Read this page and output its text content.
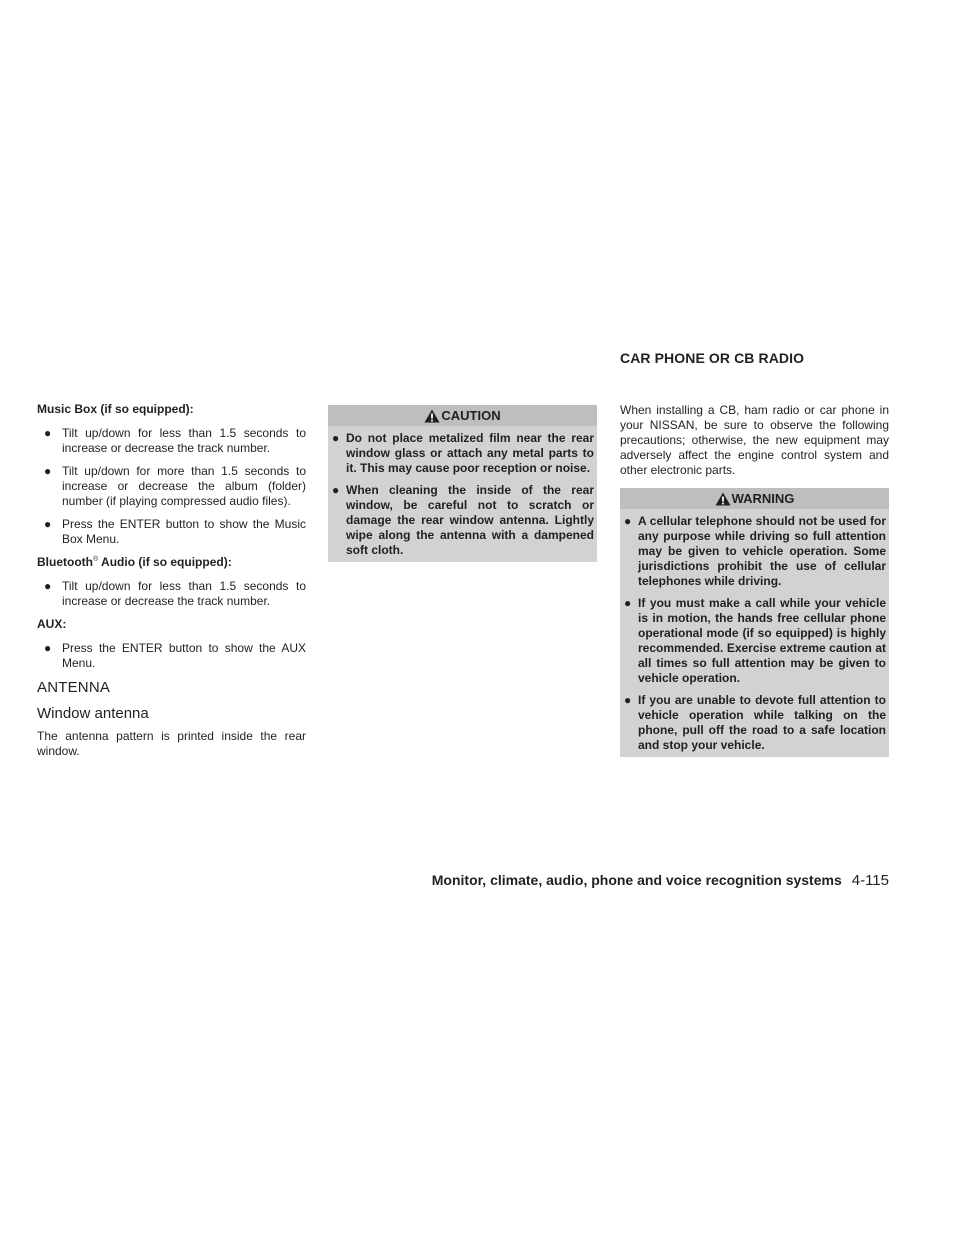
Music Box (if so equipped):
● Tilt up/down for less than 1.5 seconds to increase or decrease the track number.
● Tilt up/down for more than 1.5 seconds to increase or decrease the album (folder) number (if playing compressed audio files).
● Press the ENTER button to show the Music Box Menu.
Bluetooth® Audio (if so equipped):
● Tilt up/down for less than 1.5 seconds to increase or decrease the track number.
AUX:
● Press the ENTER button to show the AUX Menu.
ANTENNA
Window antenna

The antenna pattern is printed inside the rear window.

CAUTION
● Do not place metalized film near the rear window glass or attach any metal parts to it. This may cause poor reception or noise.
● When cleaning the inside of the rear window, be careful not to scratch or damage the rear window antenna. Lightly wipe along the antenna with a dampened soft cloth.
CAR PHONE OR CB RADIO

When installing a CB, ham radio or car phone in your NISSAN, be sure to observe the following precautions; otherwise, the new equipment may adversely affect the engine control system and other electronic parts.

WARNING
● A cellular telephone should not be used for any purpose while driving so full attention may be given to vehicle operation. Some jurisdictions prohibit the use of cellular telephones while driving.
● If you must make a call while your vehicle is in motion, the hands free cellular phone operational mode (if so equipped) is highly recommended. Exercise extreme caution at all times so full attention may be given to vehicle operation.
● If you are unable to devote full attention to vehicle operation while talking on the phone, pull off the road to a safe location and stop your vehicle.
Monitor, climate, audio, phone and voice recognition systems 4-115
